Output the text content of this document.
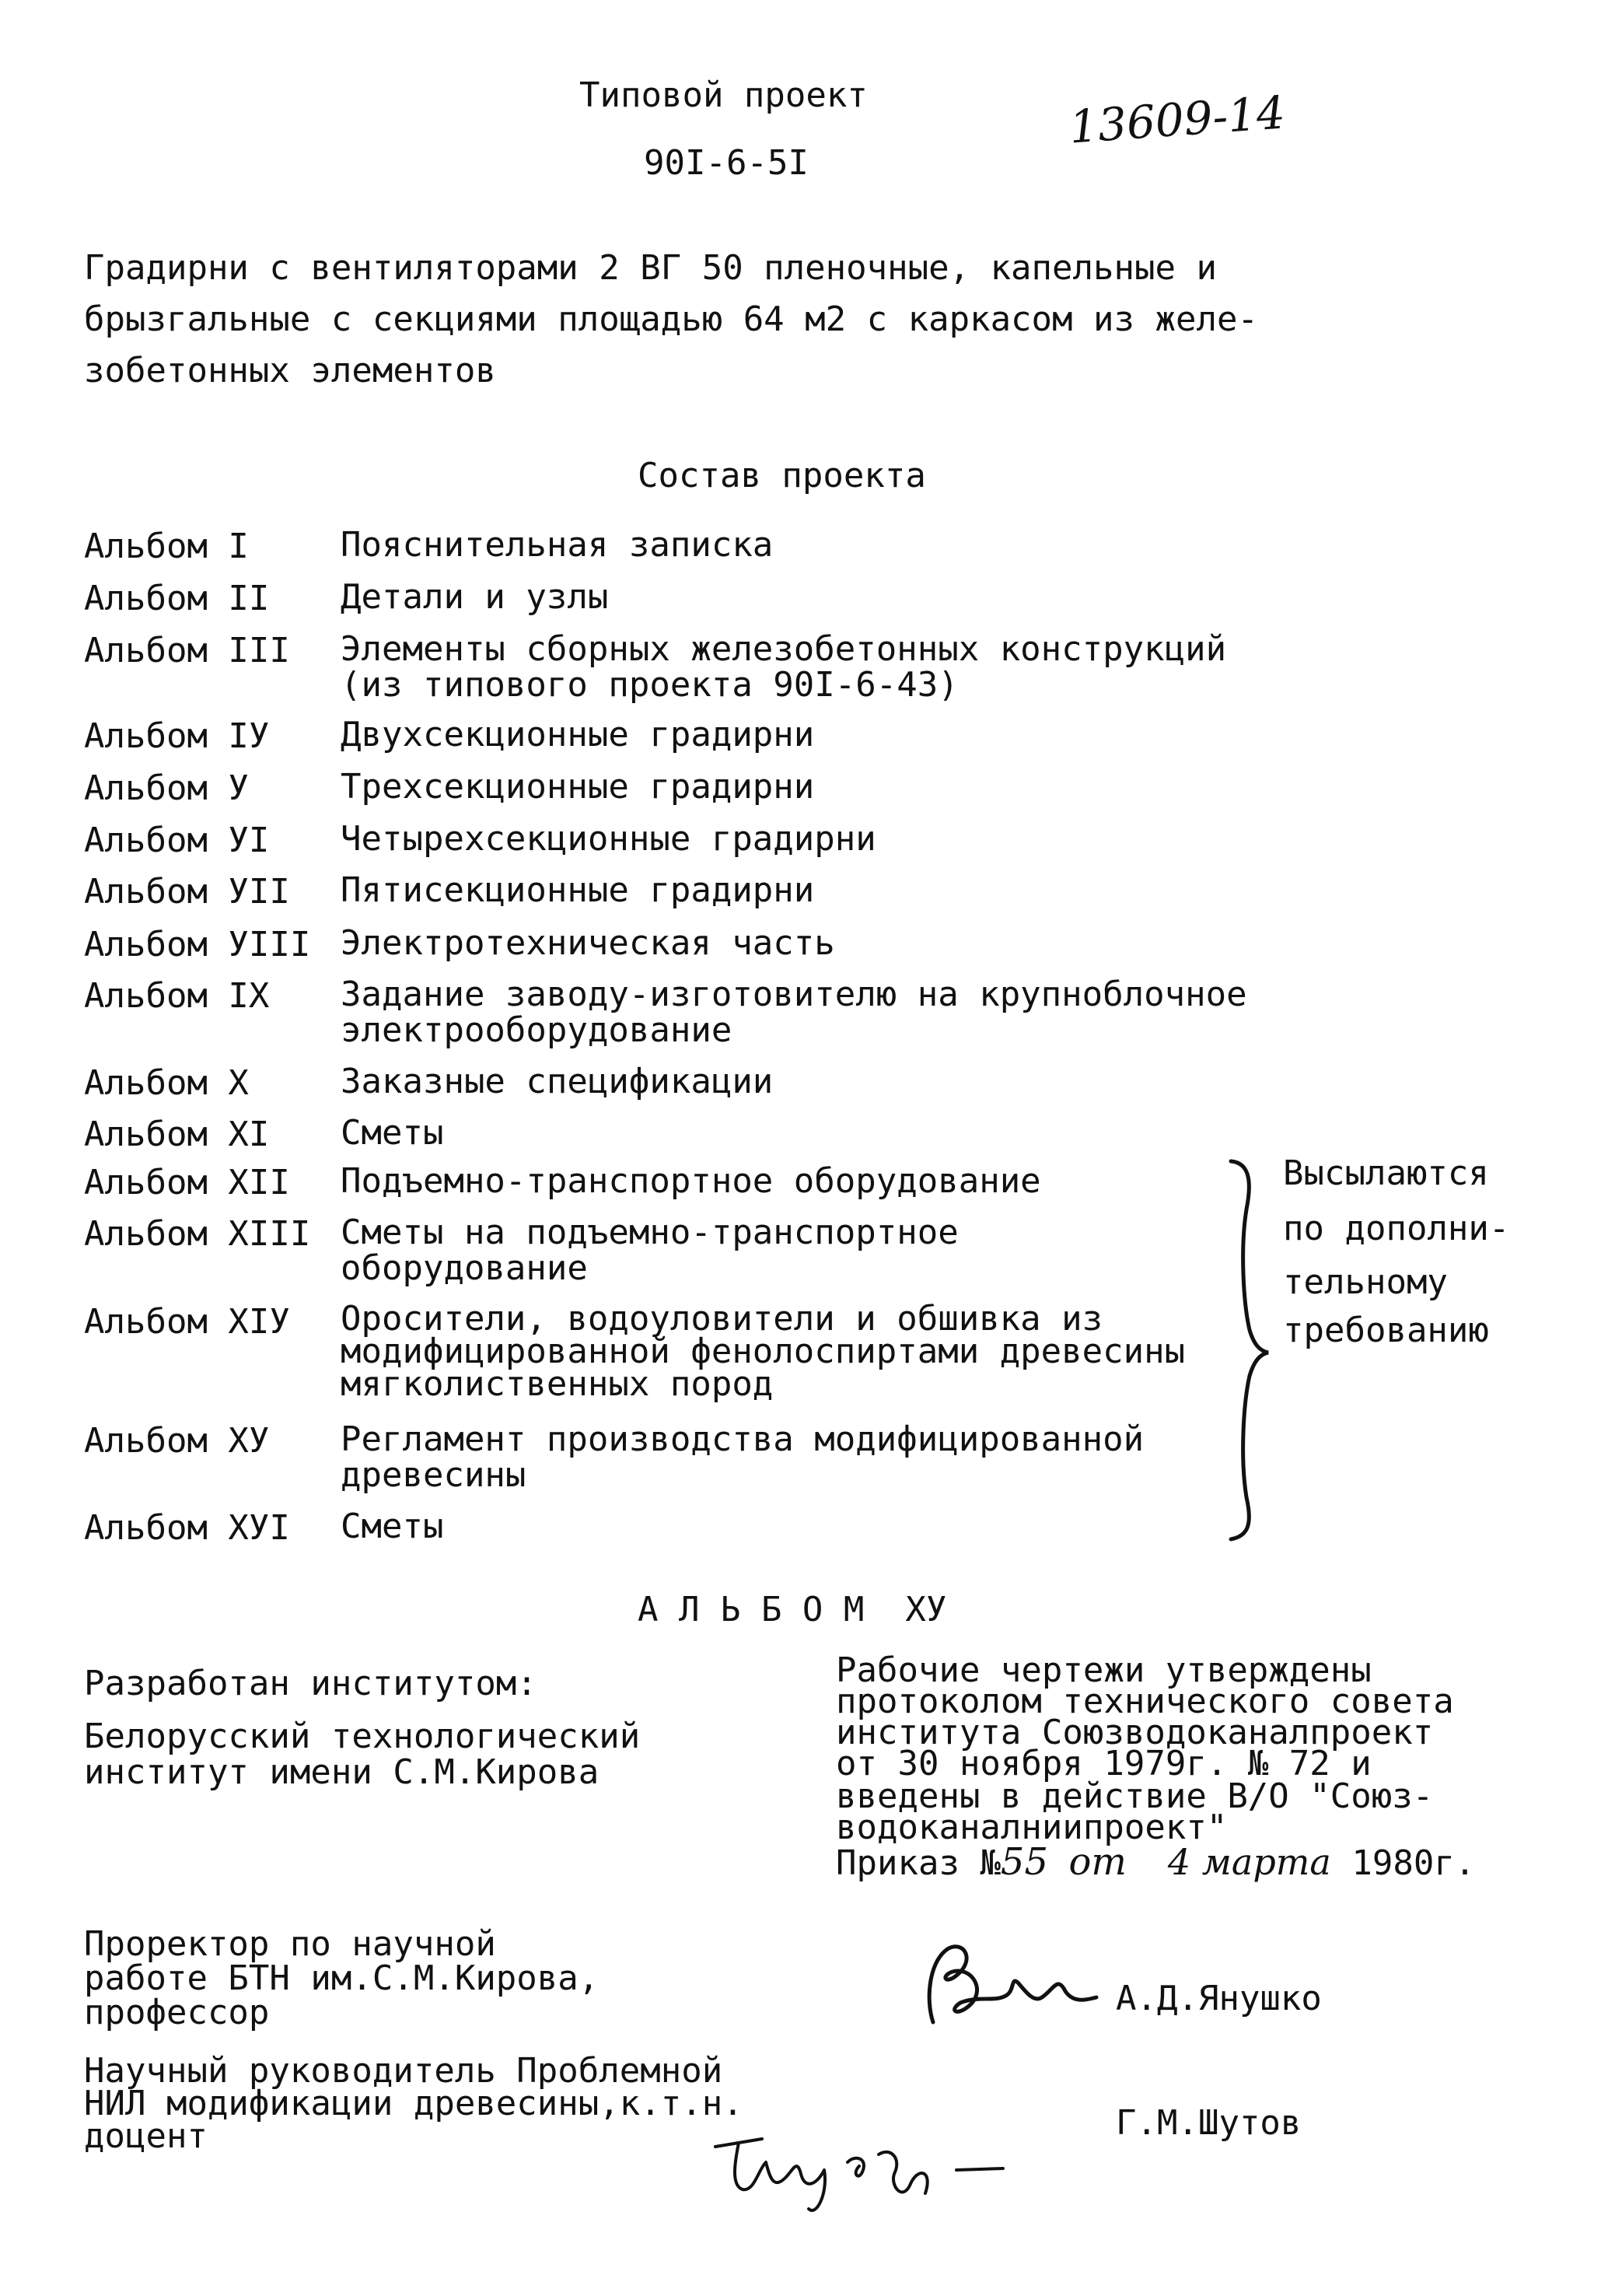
Типовой проект
90I-6-5I
13609-14
Градирни с вентиляторами 2 ВГ 50 пленочные, капельные и
брызгальные с секциями площадью 64 м2 с каркасом из желе-
зобетонных элементов
Состав проекта
Альбом I	Пояснительная записка
Альбом II Детали и узлы
Альбом III Элементы сборных железобетонных конструкций
(из типового проекта 90I-6-43)
Альбом IУ Двухсекционные градирни
Альбом У	Трехсекционные градирни
Альбом УI Четырехсекционные градирни
Альбом УII Пятисекционные градирни
Альбом УIII Электротехническая часть
Альбом IX Задание заводу-изготовителю на крупноблочное
электрооборудование
Альбом X	Заказные спецификации
Альбом XI Сметы
Альбом XII Подъемно-транспортное оборудование
Альбом XIII Сметы на подъемно-транспортное
оборудование
Альбом XIУ Оросители, водоуловители и обшивка из
модифицированной фенолоспиртами древесины
мягколиственных пород
Альбом XУ Регламент производства модифицированной
древесины
Альбом XУI Сметы
Высылаются
по дополни-
тельному
требованию
А Л Ь Б О М  XУ
Разработан институтом:
Белорусский технологический
институт имени С.М.Кирова
Рабочие чертежи утверждены
протоколом технического совета
института Союзводоканалпроект
от 30 ноября 1979г. № 72 и
введены в действие В/О "Союз-
водоканалниипроект"
Приказ №55 от 4 марта 1980г.
Проректор по научной
работе БТН им.С.М.Кирова,
профессор	А.Д.Янушко
Научный руководитель Проблемной
НИЛ модификации древесины,к.т.н.
доцент	Г.М.Шутов
